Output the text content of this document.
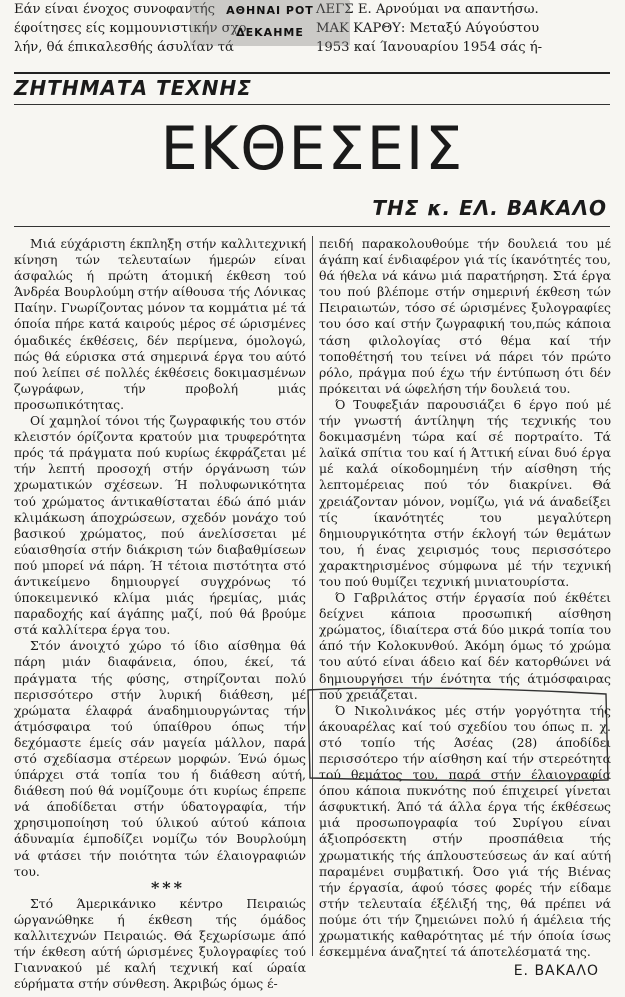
Εάν είναι ένοχος συνοφαντής	ΛΕΓΣ Ε. Αρνούμαι να απαντήσω.
έφοίτησες είς κομμουνιστικήν σχο-	ΜΑΚ ΚΑΡΘΥ: Μεταξύ Αύγούστου
λήν, θά έπικαλεσθής άσυλίαν τά	1953 καί Ίανουαρίου 1954 σάς ή-
ΑΘΗΝΑΙ ΡΟΤ ΔΕΚΑΗΜΕ
ΖΗΤΗΜΑΤΑ ΤΕΧΝΗΣ
ΕΚΘΕΣΕΙΣ
ΤΗΣ κ. ΕΛ. ΒΑΚΑΛΟ

Μιά εύχάριστη έκπληξη στήν καλλιτεχνική κίνηση τών τελευταίων ήμερών είναι άσφαλώς ή πρώτη άτομική έκθεση τού Άνδρέα Βουρλούμη στήν αίθουσα τής Λόνικας Παίην. Γνωρίζοντας μόνον τα κομμάτια μέ τά όποία πήρε κατά καιρούς μέρος σέ ώρισμένες όμαδικές έκθέσεις, δέν περίμενα, όμολογώ, πώς θά εύρισκα στά σημερινά έργα του αύτό πού λείπει σέ πολλές έκθέσεις δοκιμασμένων ζωγράφων, τήν προβολή μιάς προσωπικότητας.

Οί χαμηλοί τόνοι τής ζωγραφικής του στόν κλειστόν όρίζοντα κρατούν μια τρυφερότητα πρός τά πράγματα πού κυρίως έκφράζεται μέ τήν λεπτή προσοχή στήν όργάνωση τών χρωματικών σχέσεων. Ή πολυφωνικότητα τού χρώματος άντικαθίσταται έδώ άπό μιάν κλιμάκωση άποχρώσεων, σχεδόν μονάχο τού βασικού χρώματος, πού άνελίσσεται μέ εύαισθησία στήν διάκριση τών διαβαθμίσεων πού μπορεί νά πάρη. Ή τέτοια πιστότητα στό άντικείμενο δημιουργεί συγχρόνως τό ύποκειμενικό κλίμα μιάς ήρεμίας, μιάς παραδοχής καί άγάπης μαζί, πού θά βρούμε στά καλλίτερα έργα του.

Στόν άνοιχτό χώρο τό ίδιο αίσθημα θά πάρη μιάν διαφάνεια, όπου, έκεί, τά πράγματα τής φύσης, στηρίζονται πολύ περισσότερο στήν λυρική διάθεση, μέ χρώματα έλαφρά άναδημιουργώντας τήν άτμόσφαιρα τού ύπαίθρου όπως τήν δεχόμαστε έμείς σάν μαγεία μάλλον, παρά στό σχεδίασμα στέρεων μορφών. Ένώ όμως ύπάρχει στά τοπία του ή διάθεση αύτή, διάθεση πού θά νομίζουμε ότι κυρίως έπρεπε νά άποδίδεται στήν ύδατογραφία, τήν χρησιμοποίηση τού ύλικού αύτού κάποια άδυναμία έμποδίζει νομίζω τόν Βουρλούμη νά φτάσει τήν ποιότητα τών έλαιογραφιών του.

***

Στό Άμερικάνικο κέντρο Πειραιώς ώργανώθηκε ή έκθεση τής όμάδος καλλιτεχνών Πειραιώς. Θά ξεχωρίσωμε άπό τήν έκθεση αύτή ώρισμένες ξυλογραφίες τού Γιαννακού μέ καλή τεχνική καί ώραία εύρήματα στήν σύνθεση. Άκριβώς όμως έ-

πειδή παρακολουθούμε τήν δουλειά του μέ άγάπη καί ένδιαφέρον γιά τίς ίκανότητές του, θά ήθελα νά κάνω μιά παρατήρηση. Στά έργα του πού βλέπομε στήν σημερινή έκθεση τών Πειραιωτών, τόσο σέ ώρισμένες ξυλογραφίες του όσο καί στήν ζωγραφική του,πώς κάποια τάση φιλολογίας στό θέμα καί τήν τοποθέτησή του τείνει νά πάρει τόν πρώτο ρόλο, πράγμα πού έχω τήν έντύπωση ότι δέν πρόκειται νά ώφελήση τήν δουλειά του.

Ό Τουφεξιάν παρουσιάζει 6 έργο πού μέ τήν γνωστή άντίληψη τής τεχνικής του δοκιμασμένη τώρα καί σέ πορτραίτο. Τά λαϊκά σπίτια του καί ή Άττική είναι δυό έργα μέ καλά οίκοδομημένη τήν αίσθηση τής λεπτομέρειας πού τόν διακρίνει. Θά χρειάζονταν μόνον, νομίζω, γιά νά άναδείξει τίς ίκανότητές του μεγαλύτερη δημιουργικότητα στήν έκλογή τών θεμάτων του, ή ένας χειρισμός τους περισσότερο χαρακτηρισμένος σύμφωνα μέ τήν τεχνική του πού θυμίζει τεχνική μινιατουρίστα.

Ό Γαβριλάτος στήν έργασία πού έκθέτει δείχνει κάποια προσωπική αίσθηση χρώματος, ίδιαίτερα στά δύο μικρά τοπία του άπό τήν Κολοκυνθού. Άκόμη όμως τό χρώμα του αύτό είναι άδειο καί δέν κατορθώνει νά δημιουργήσει τήν ένότητα τής άτμόσφαιρας πού χρειάζεται.

Ό Νικολινάκος μές στήν γοργότητα τής άκουαρέλας καί τού σχεδίου του όπως π. χ. στό τοπίο τής Άσέας (28) άποδίδει περισσότερο τήν αίσθηση καί τήν στερεότητα τού θεμάτος του, παρά στήν έλαιογραφία όπου κάποια πυκνότης πού έπιχειρεί γίνεται άσφυκτική. Άπό τά άλλα έργα τής έκθέσεως μιά προσωπογραφία τού Συρίγου είναι άξιοπρόσεκτη στήν προσπάθεια τής χρωματικής τής άπλουστεύσεως άν καί αύτή παραμένει συμβατική. Όσο γιά τής Βιένας τήν έργασία, άφού τόσες φορές τήν είδαμε στήν τελευταία έξέλιξή της, θά πρέπει νά πούμε ότι τήν ζημειώνει πολύ ή άμέλεια τής χρωματικής καθαρότητας μέ τήν όποία ίσως έσκεμμένα άναζητεί τά άποτελέσματά της.

Ε. ΒΑΚΑΛΟ
